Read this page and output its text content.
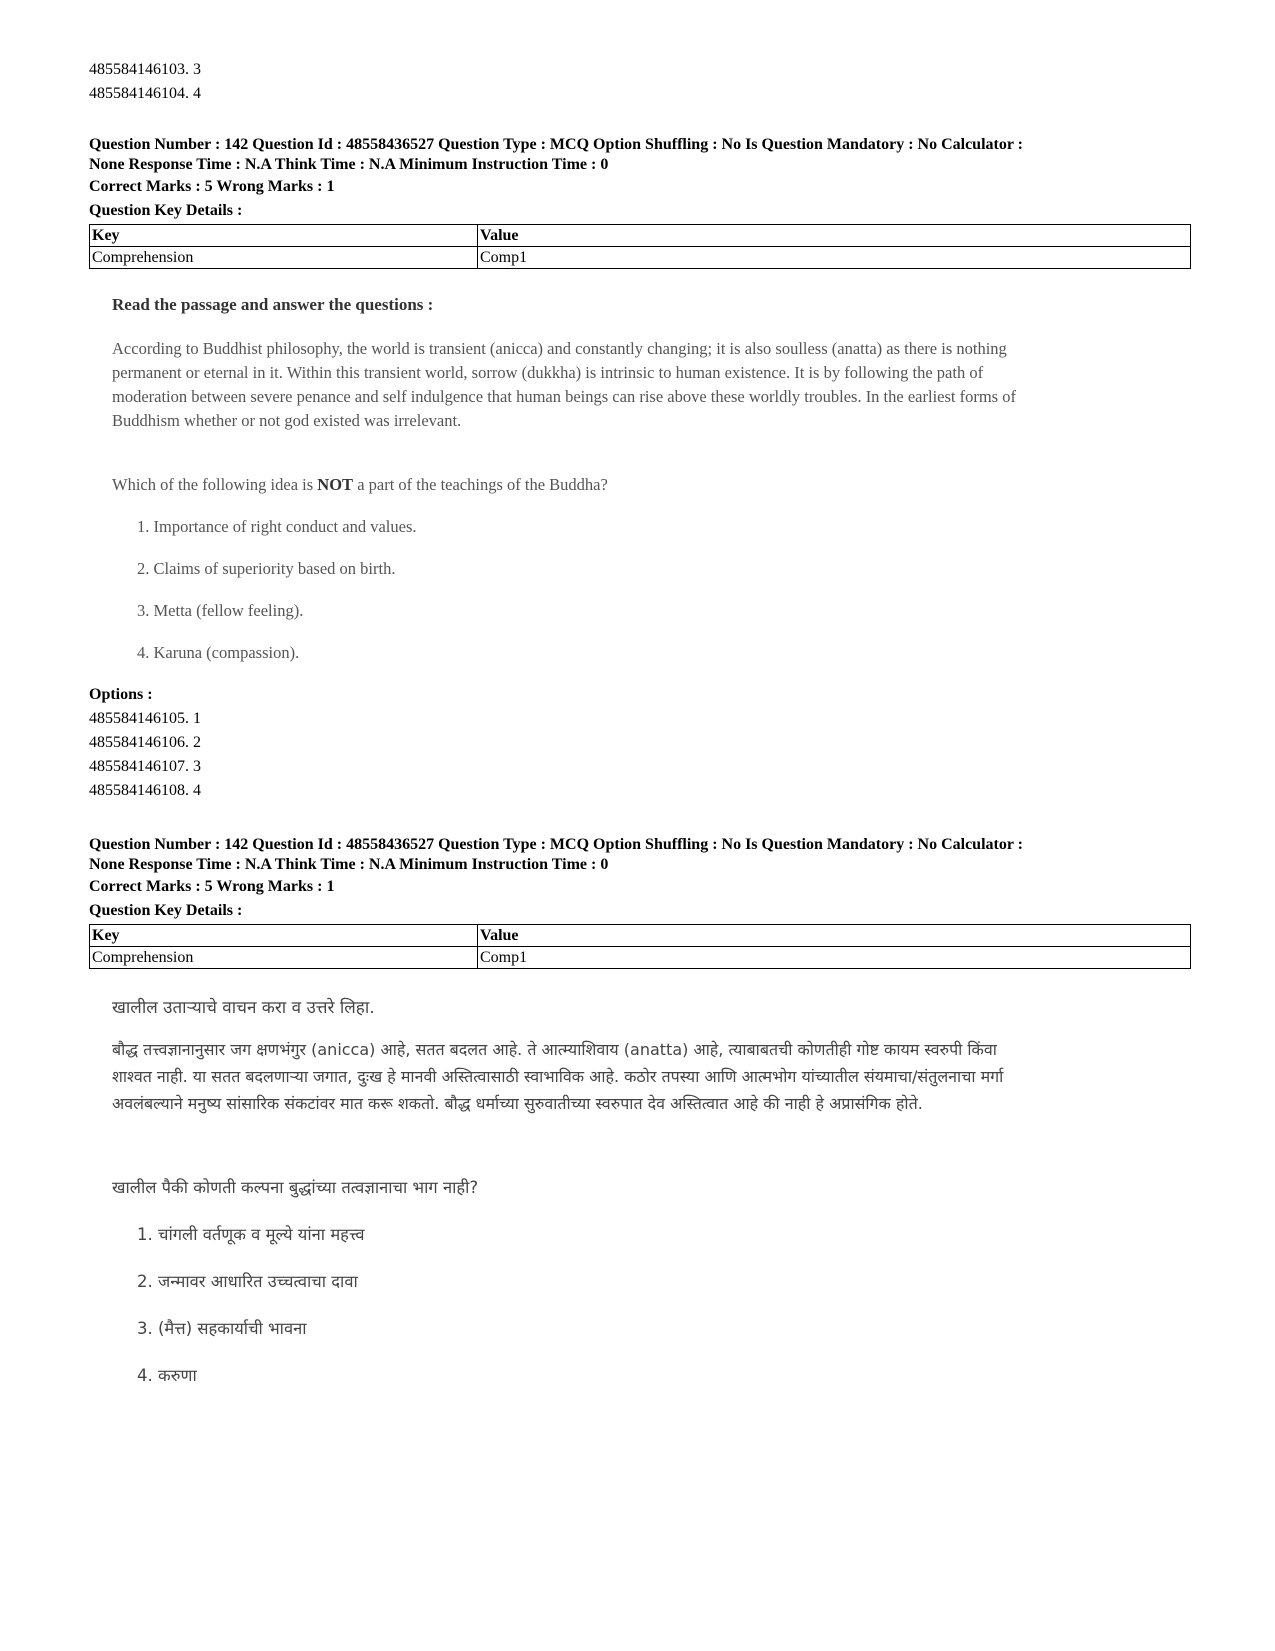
485584146103. 3
485584146104. 4
Question Number : 142 Question Id : 48558436527 Question Type : MCQ Option Shuffling : No Is Question Mandatory : No Calculator :
None Response Time : N.A Think Time : N.A Minimum Instruction Time : 0
Correct Marks : 5 Wrong Marks : 1
Question Key Details :
Key	Value
Comprehension	Comp1
Read the passage and answer the questions :
According to Buddhist philosophy, the world is transient (anicca) and constantly changing; it is also soulless (anatta) as there is nothing permanent or eternal in it. Within this transient world, sorrow (dukkha) is intrinsic to human existence. It is by following the path of moderation between severe penance and self indulgence that human beings can rise above these worldly troubles. In the earliest forms of Buddhism whether or not god existed was irrelevant.
Which of the following idea is NOT a part of the teachings of the Buddha?
1. Importance of right conduct and values.
2. Claims of superiority based on birth.
3. Metta (fellow feeling).
4. Karuna (compassion).
Options :
485584146105. 1
485584146106. 2
485584146107. 3
485584146108. 4
Question Number : 142 Question Id : 48558436527 Question Type : MCQ Option Shuffling : No Is Question Mandatory : No Calculator :
None Response Time : N.A Think Time : N.A Minimum Instruction Time : 0
Correct Marks : 5 Wrong Marks : 1
Question Key Details :
Key	Value
Comprehension	Comp1
खालील उताऱ्याचे वाचन करा व उत्तरे लिहा.
बौद्ध तत्त्वज्ञानानुसार जग क्षणभंगुर (anicca) आहे, सतत बदलत आहे. ते आत्म्याशिवाय (anatta) आहे, त्याबाबतची कोणतीही गोष्ट कायम स्वरुपी किंवा शाश्वत नाही. या सतत बदलणाऱ्या जगात, दुःख हे मानवी अस्तित्वासाठी स्वाभाविक आहे. कठोर तपस्या आणि आत्मभोग यांच्यातील संयमाचा/संतुलनाचा मर्गा अवलंबल्याने मनुष्य सांसारिक संकटांवर मात करू शकतो. बौद्ध धर्माच्या सुरुवातीच्या स्वरुपात देव अस्तित्वात आहे की नाही हे अप्रासंगिक होते.
खालील पैकी कोणती कल्पना बुद्धांच्या तत्वज्ञानाचा भाग नाही?
1. चांगली वर्तणूक व मूल्ये यांना महत्त्व
2. जन्मावर आधारित उच्चत्वाचा दावा
3. (मैत्त) सहकार्याची भावना
4. करुणा
